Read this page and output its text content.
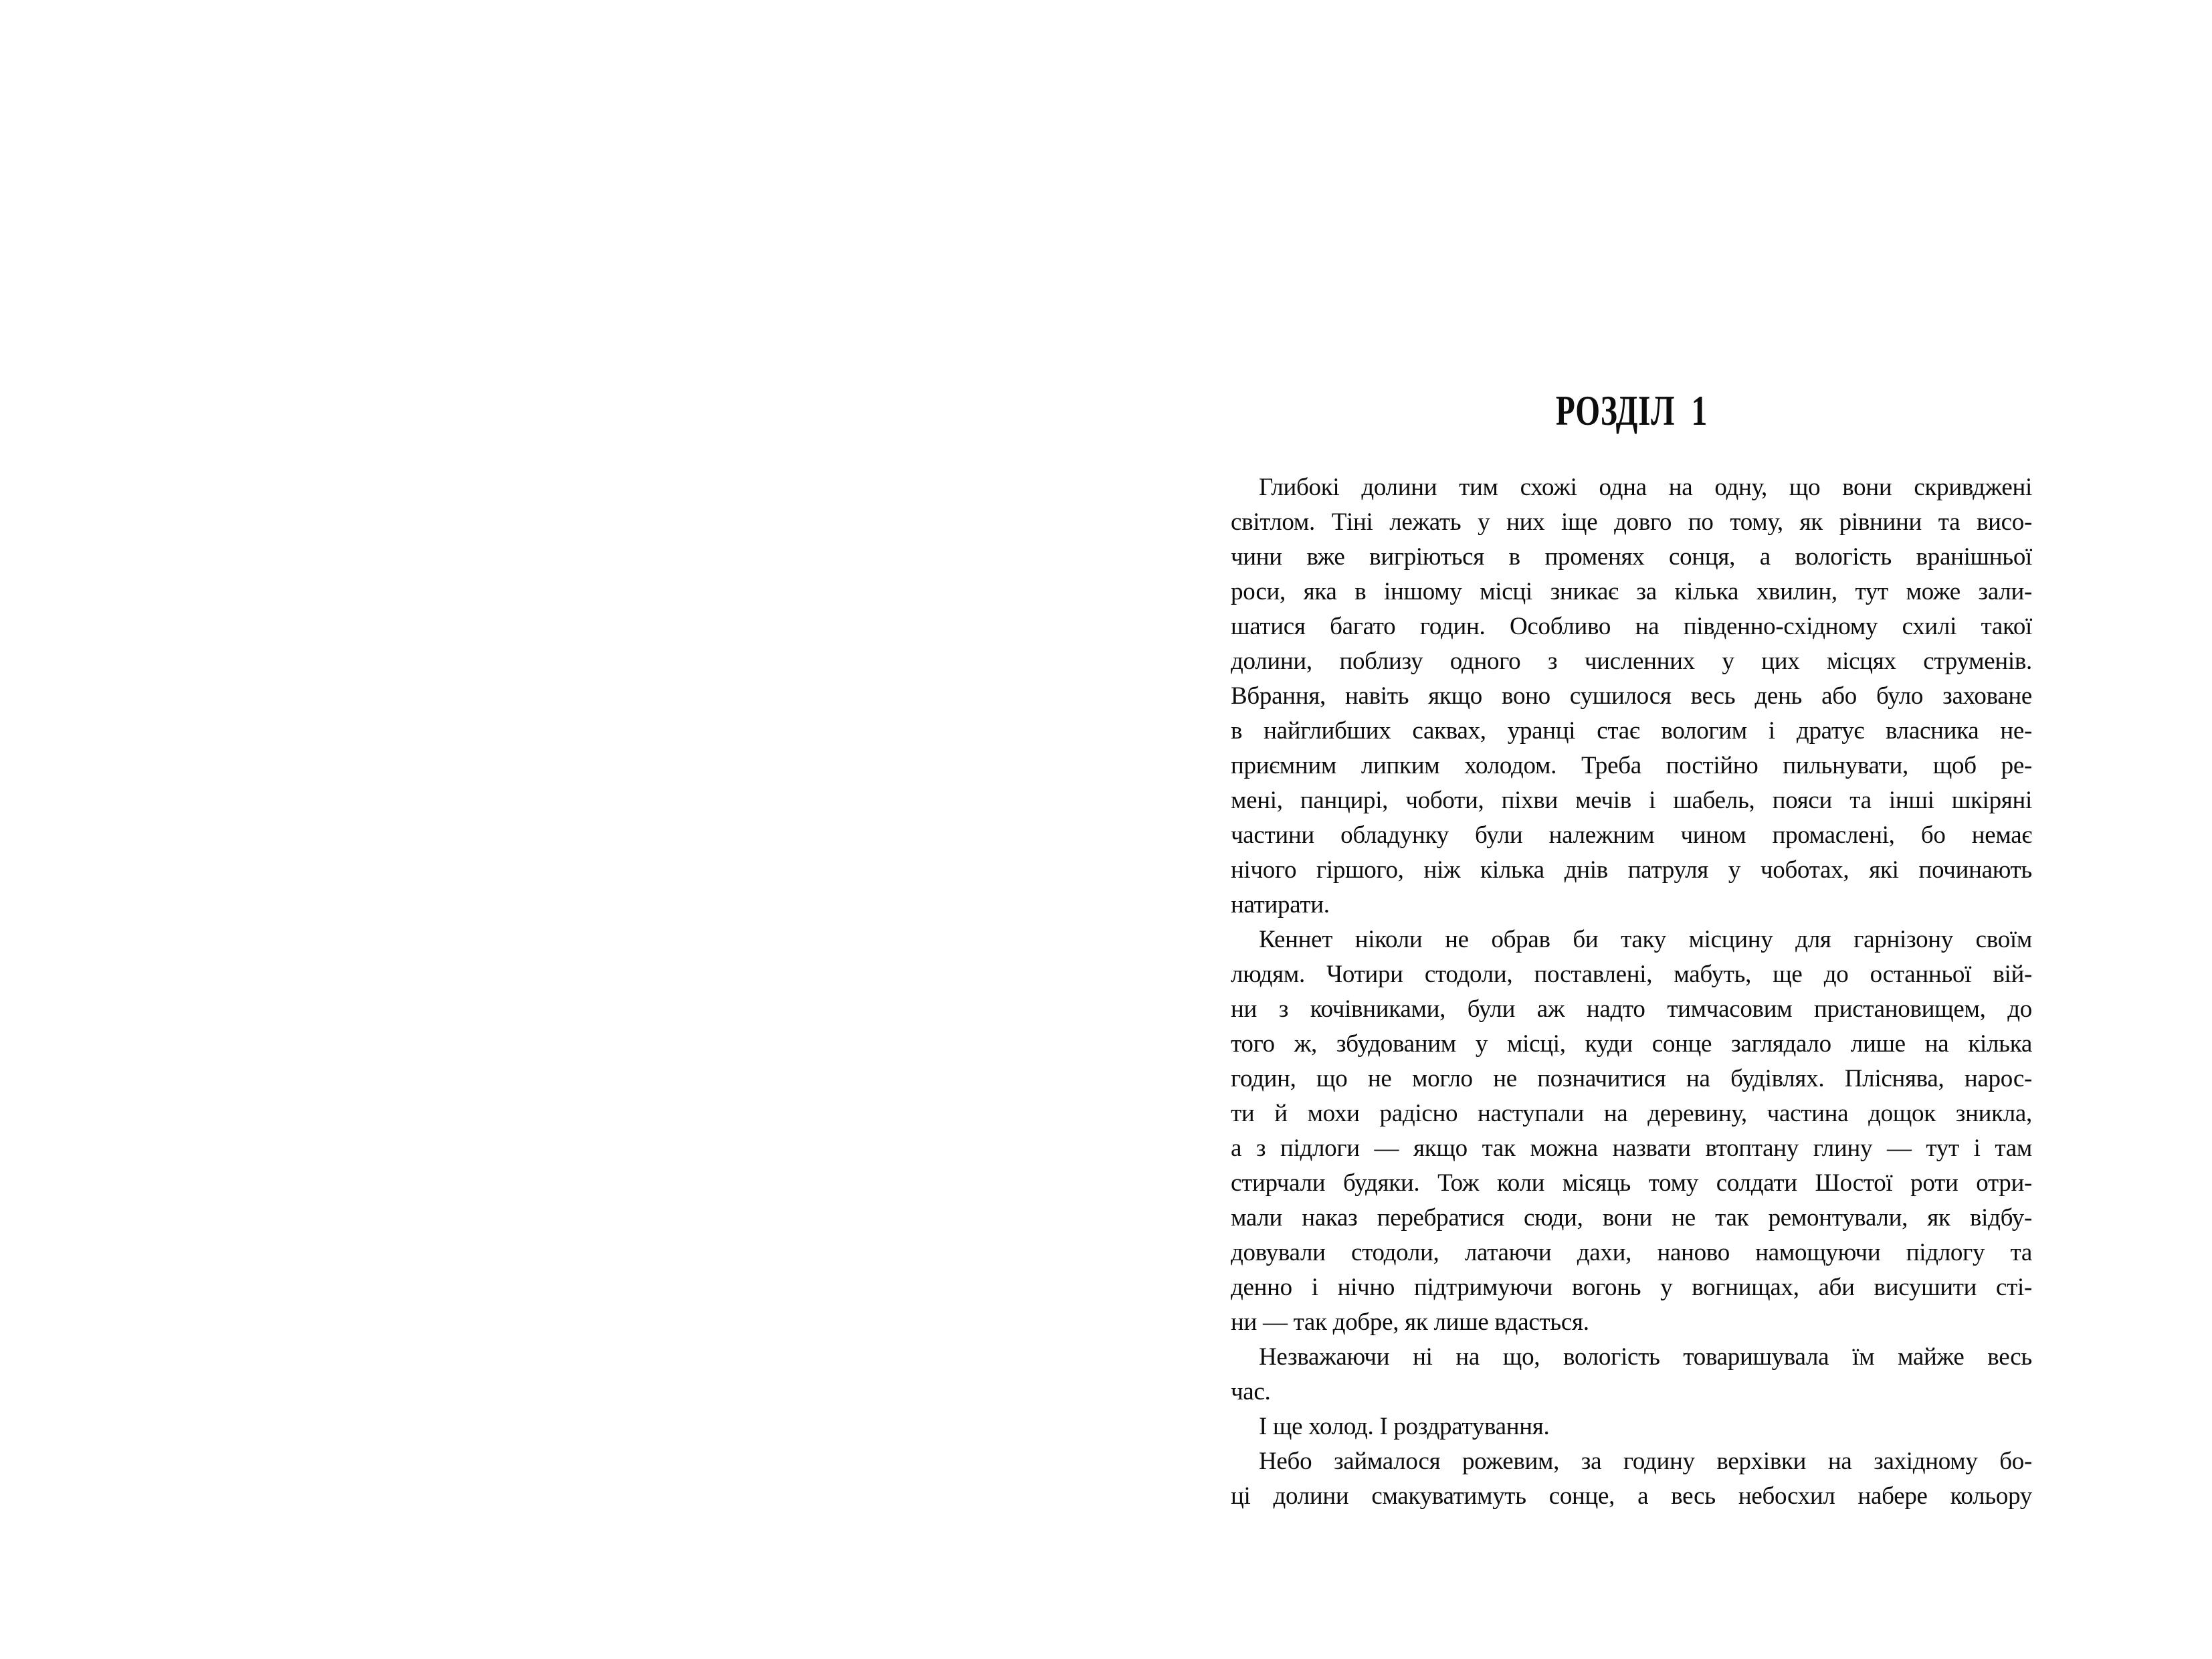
РОЗДІЛ 1
Глибокі долини тим схожі одна на одну, що вони скривджені
світлом. Тіні лежать у них іще довго по тому, як рівнини та висо-
чини вже вигріються в променях сонця, а вологість вранішньої
роси, яка в іншому місці зникає за кілька хвилин, тут може зали-
шатися багато годин. Особливо на південно-східному схилі такої
долини, поблизу одного з численних у цих місцях струменів.
Вбрання, навіть якщо воно сушилося весь день або було заховане
в найглибших саквах, уранці стає вологим і дратує власника не-
приємним липким холодом. Треба постійно пильнувати, щоб ре-
мені, панцирі, чоботи, піхви мечів і шабель, пояси та інші шкіряні
частини обладунку були належним чином промаслені, бо немає
нічого гіршого, ніж кілька днів патруля у чоботах, які починають
натирати.
Кеннет ніколи не обрав би таку місцину для гарнізону своїм
людям. Чотири стодоли, поставлені, мабуть, ще до останньої вій-
ни з кочівниками, були аж надто тимчасовим пристановищем, до
того ж, збудованим у місці, куди сонце заглядало лише на кілька
годин, що не могло не позначитися на будівлях. Пліснява, нарос-
ти й мохи радісно наступали на деревину, частина дощок зникла,
а з підлоги — якщо так можна назвати втоптану глину — тут і там
стирчали будяки. Тож коли місяць тому солдати Шостої роти отри-
мали наказ перебратися сюди, вони не так ремонтували, як відбу-
довували стодоли, латаючи дахи, наново намощуючи підлогу та
денно і нічно підтримуючи вогонь у вогнищах, аби висушити сті-
ни — так добре, як лише вдасться.
Незважаючи ні на що, вологість товаришувала їм майже весь
час.
І ще холод. І роздратування.
Небо займалося рожевим, за годину верхівки на західному бо-
ці долини смакуватимуть сонце, а весь небосхил набере кольору
